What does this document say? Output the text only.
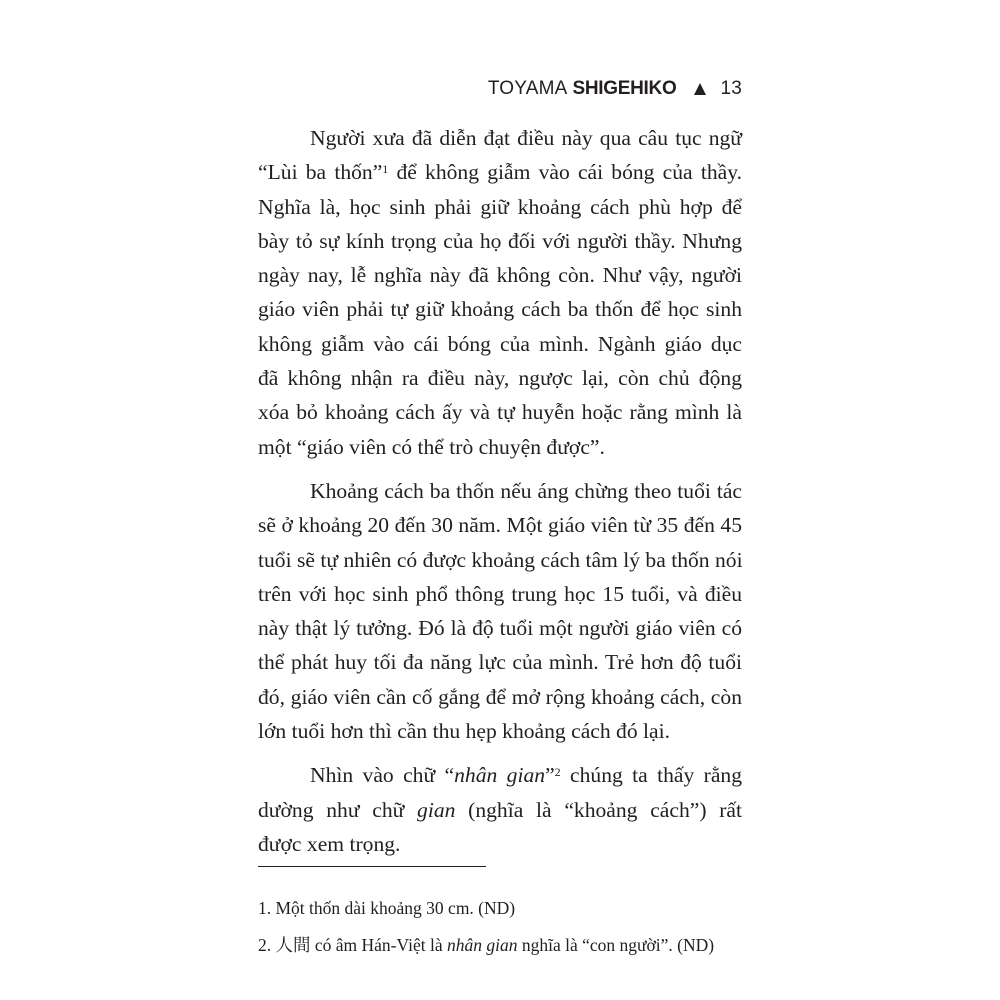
TOYAMA SHIGEHIKO 13
Người xưa đã diễn đạt điều này qua câu tục ngữ
“Lùi ba thốn”$^1$ để không giẫm vào cái bóng của thầy.
Nghĩa là, học sinh phải giữ khoảng cách phù hợp để
bày tỏ sự kính trọng của họ đối với người thầy. Nhưng
ngày nay, lễ nghĩa này đã không còn. Như vậy, người
giáo viên phải tự giữ khoảng cách ba thốn để học sinh
không giẫm vào cái bóng của mình. Ngành giáo dục
đã không nhận ra điều này, ngược lại, còn chủ động
xóa bỏ khoảng cách ấy và tự huyễn hoặc rằng mình là
một “giáo viên có thể trò chuyện được”.
Khoảng cách ba thốn nếu áng chừng theo tuổi tác
sẽ ở khoảng 20 đến 30 năm. Một giáo viên từ 35 đến 45
tuổi sẽ tự nhiên có được khoảng cách tâm lý ba thốn nói
trên với học sinh phổ thông trung học 15 tuổi, và điều
này thật lý tưởng. Đó là độ tuổi một người giáo viên có
thể phát huy tối đa năng lực của mình. Trẻ hơn độ tuổi
đó, giáo viên cần cố gắng để mở rộng khoảng cách, còn
lớn tuổi hơn thì cần thu hẹp khoảng cách đó lại.
Nhìn vào chữ “nhân gian”$^2$ chúng ta thấy rằng
dường như chữ gian (nghĩa là “khoảng cách”) rất
được xem trọng.
1. Một thốn dài khoảng 30 cm. (ND)
2. 人間 có âm Hán-Việt là nhân gian nghĩa là “con người”. (ND)
